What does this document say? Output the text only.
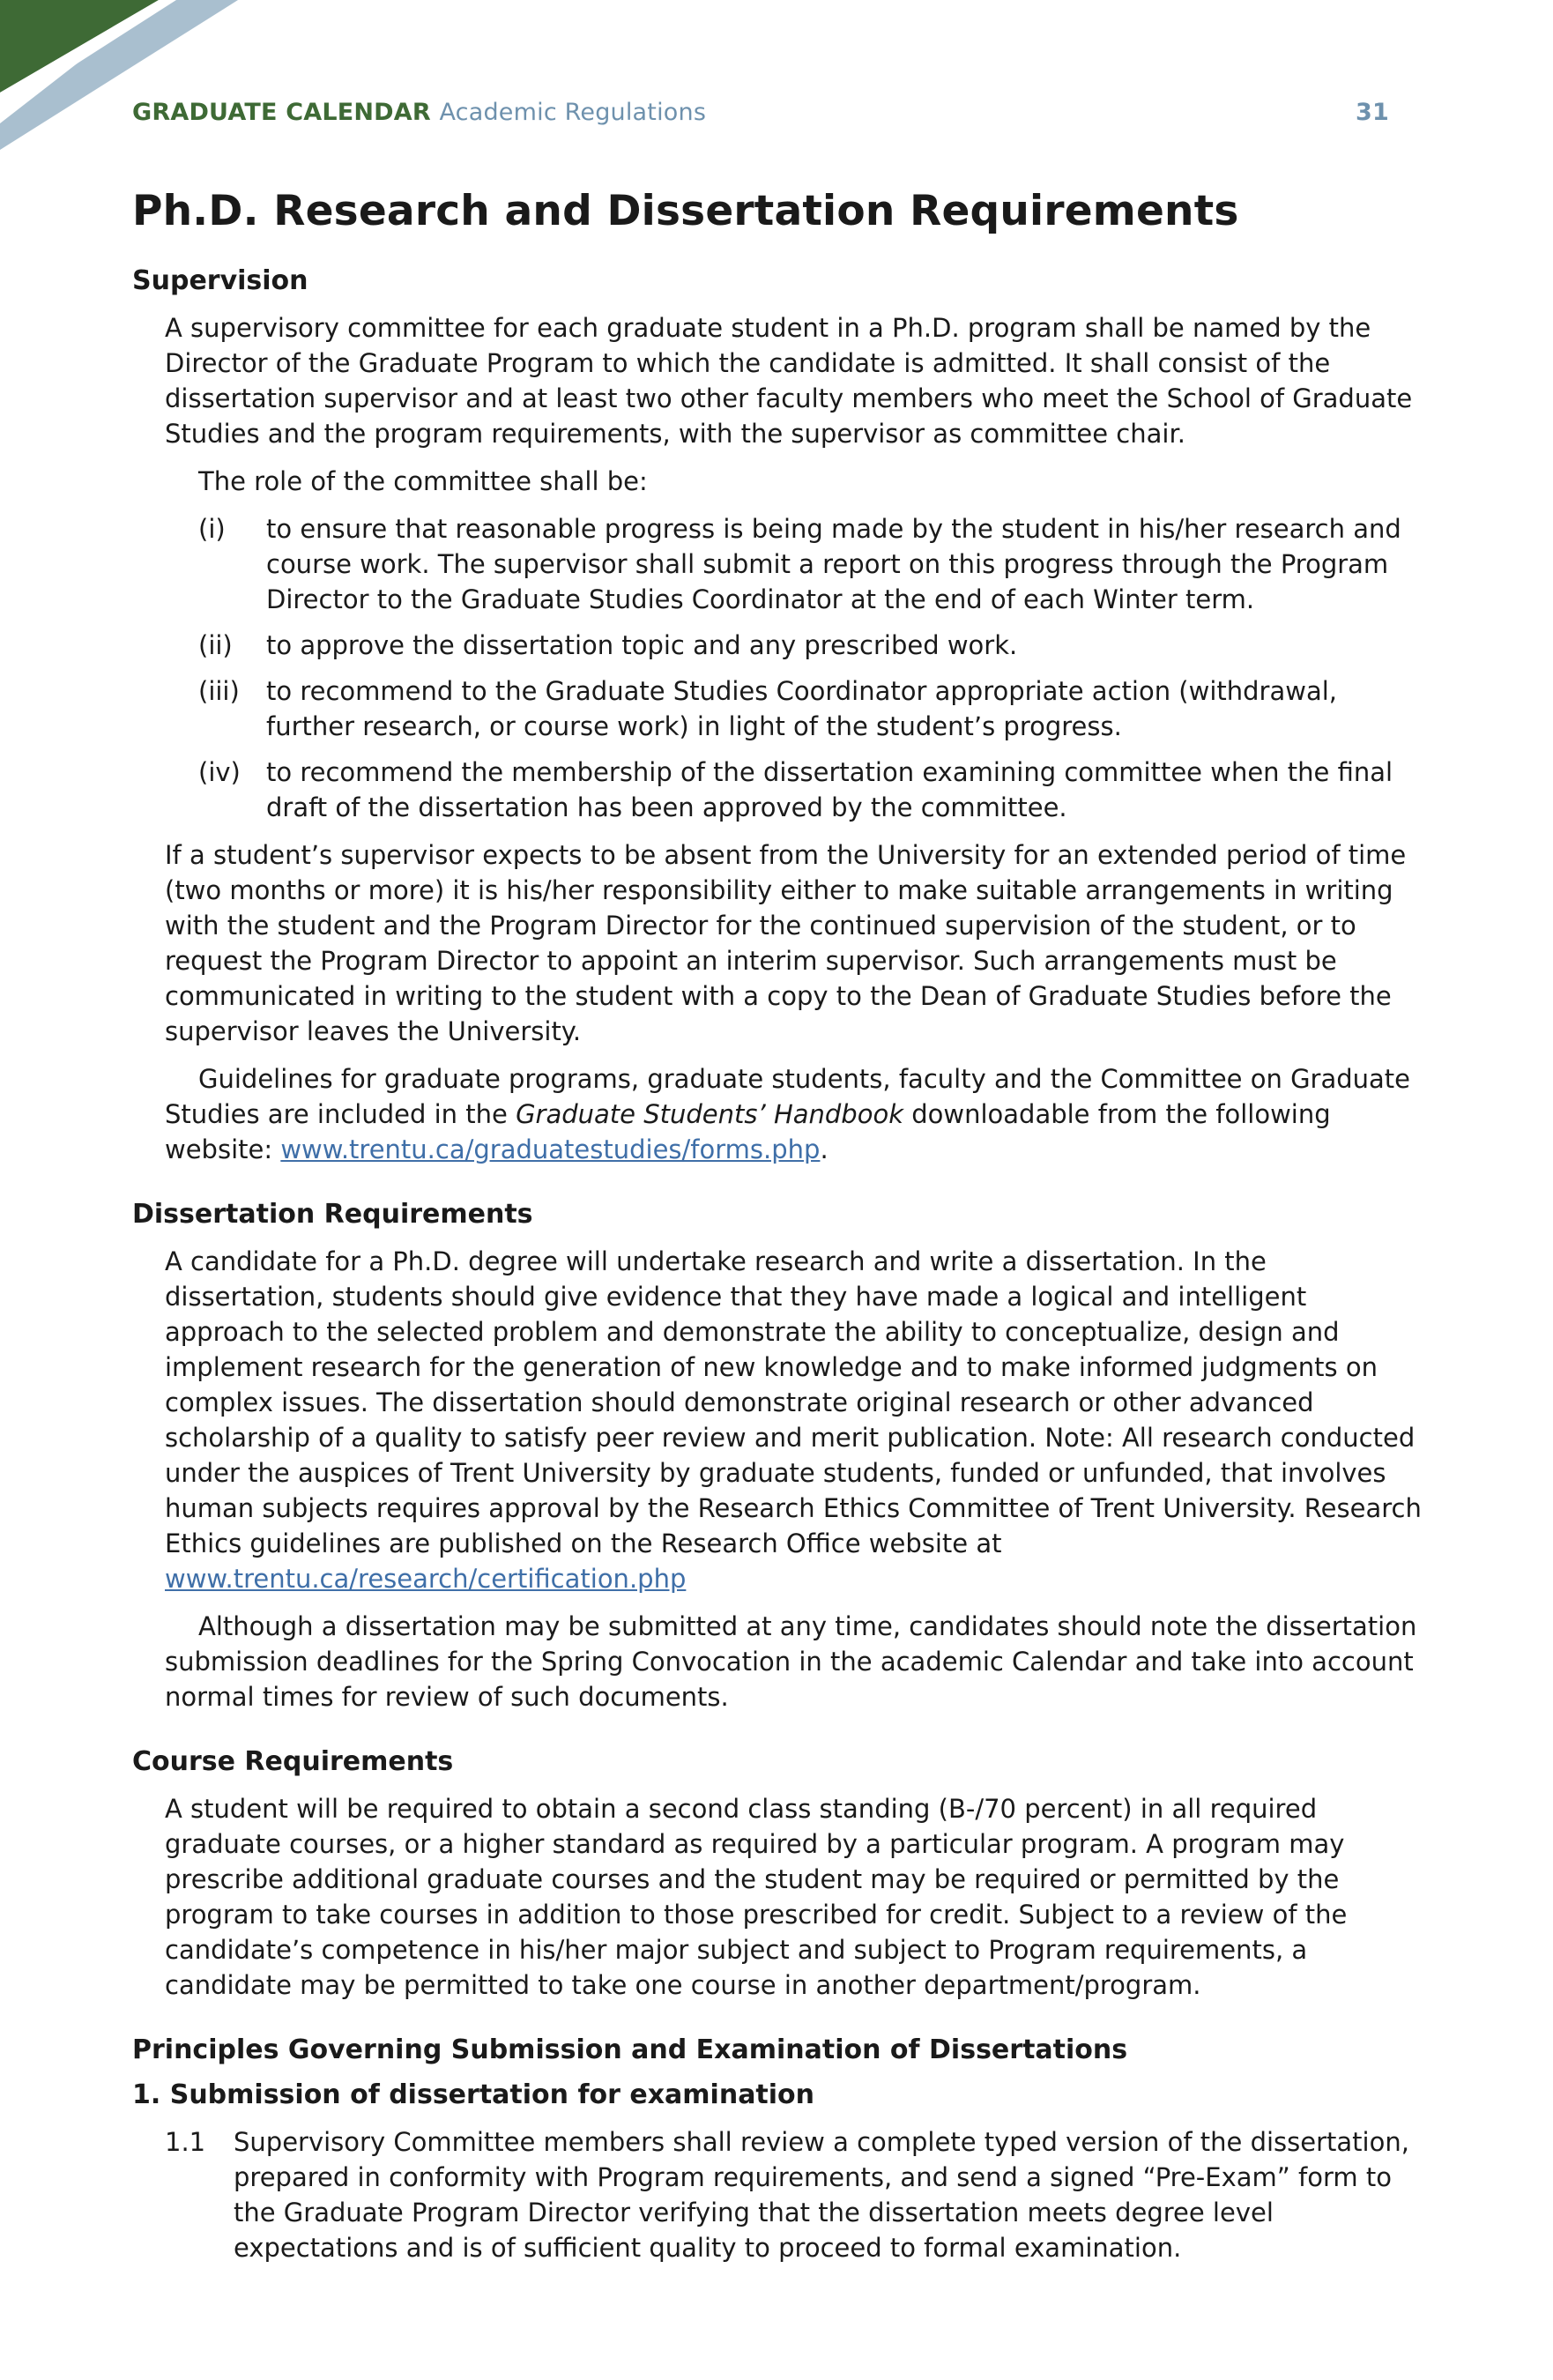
GRADUATE CALENDAR Academic Regulations	31
Ph.D. Research and Dissertation Requirements
Supervision

A supervisory committee for each graduate student in a Ph.D. program shall be named by the Director of the Graduate Program to which the candidate is admitted. It shall consist of the dissertation supervisor and at least two other faculty members who meet the School of Graduate Studies and the program requirements, with the supervisor as committee chair.

The role of the committee shall be:

(i)	to ensure that reasonable progress is being made by the student in his/her research and course work. The supervisor shall submit a report on this progress through the Program Director to the Graduate Studies Coordinator at the end of each Winter term.
(ii)	to approve the dissertation topic and any prescribed work.
(iii)	to recommend to the Graduate Studies Coordinator appropriate action (withdrawal, further research, or course work) in light of the student’s progress.
(iv)	to recommend the membership of the dissertation examining committee when the final draft of the dissertation has been approved by the committee.

If a student’s supervisor expects to be absent from the University for an extended period of time (two months or more) it is his/her responsibility either to make suitable arrangements in writing with the student and the Program Director for the continued supervision of the student, or to request the Program Director to appoint an interim supervisor. Such arrangements must be communicated in writing to the student with a copy to the Dean of Graduate Studies before the supervisor leaves the University.

Guidelines for graduate programs, graduate students, faculty and the Committee on Graduate Studies are included in the Graduate Students’ Handbook downloadable from the following website: www.trentu.ca/graduatestudies/forms.php.

Dissertation Requirements

A candidate for a Ph.D. degree will undertake research and write a dissertation. In the dissertation, students should give evidence that they have made a logical and intelligent approach to the selected problem and demonstrate the ability to conceptualize, design and implement research for the generation of new knowledge and to make informed judgments on complex issues. The dissertation should demonstrate original research or other advanced scholarship of a quality to satisfy peer review and merit publication. Note: All research conducted under the auspices of Trent University by graduate students, funded or unfunded, that involves human subjects requires approval by the Research Ethics Committee of Trent University. Research Ethics guidelines are published on the Research Office website at www.trentu.ca/research/certification.php

Although a dissertation may be submitted at any time, candidates should note the dissertation submission deadlines for the Spring Convocation in the academic Calendar and take into account normal times for review of such documents.

Course Requirements

A student will be required to obtain a second class standing (B-/70 percent) in all required graduate courses, or a higher standard as required by a particular program. A program may prescribe additional graduate courses and the student may be required or permitted by the program to take courses in addition to those prescribed for credit. Subject to a review of the candidate’s competence in his/her major subject and subject to Program requirements, a candidate may be permitted to take one course in another department/program.

Principles Governing Submission and Examination of Dissertations
1. Submission of dissertation for examination
1.1	Supervisory Committee members shall review a complete typed version of the dissertation, prepared in conformity with Program requirements, and send a signed “Pre-Exam” form to the Graduate Program Director verifying that the dissertation meets degree level expectations and is of sufficient quality to proceed to formal examination.
